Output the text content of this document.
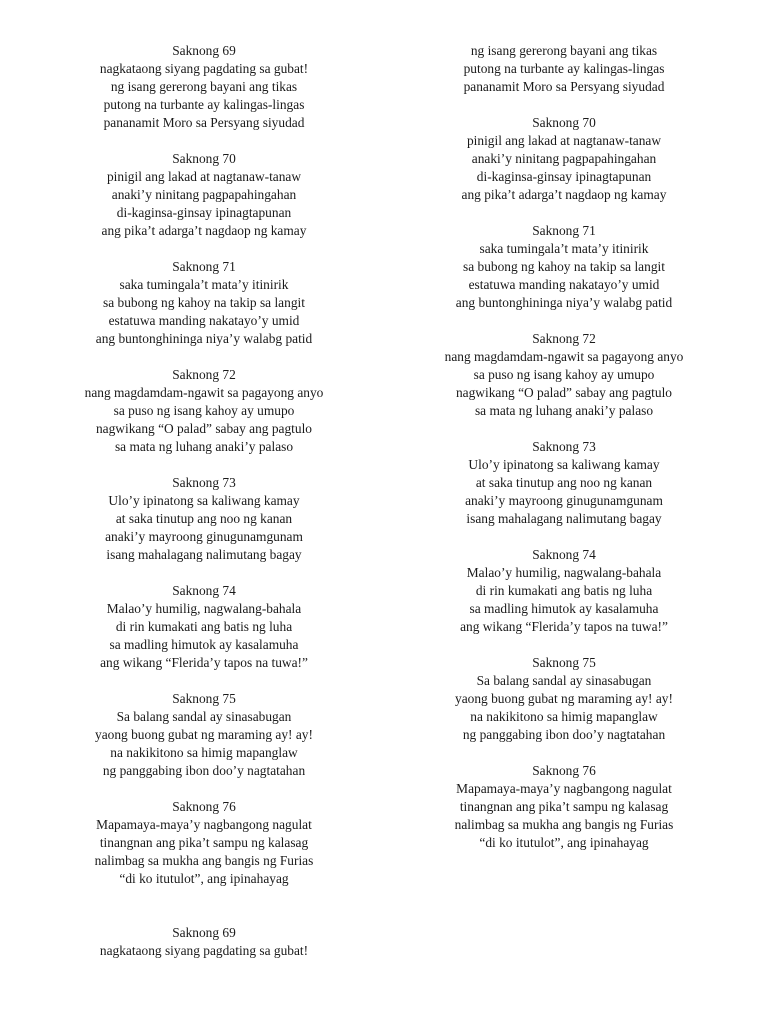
Saknong 69
nagkataong siyang pagdating sa gubat!
ng isang gererong bayani ang tikas
putong na turbante ay kalingas-lingas
pananamit Moro sa Persyang siyudad
Saknong 70
pinigil ang lakad at nagtanaw-tanaw
anaki’y ninitang pagpapahingahan
di-kaginsa-ginsay ipinagtapunan
ang pika’t adarga’t nagdaop ng kamay
Saknong 71
saka tumingala’t mata’y itinirik
sa bubong ng kahoy na takip sa langit
estatuwa manding nakatayo’y umid
ang buntonghininga niya’y walabg patid
Saknong 72
nang magdamdam-ngawit sa pagayong anyo
sa puso ng isang kahoy ay umupo
nagwikang “O palad” sabay ang pagtulo
sa mata ng luhang anaki’y palaso
Saknong 73
Ulo’y ipinatong sa kaliwang kamay
at saka tinutup ang noo ng kanan
anaki’y mayroong ginugunamgunam
isang mahalagang nalimutang bagay
Saknong 74
Malao’y humilig, nagwalang-bahala
di rin kumakati ang batis ng luha
sa madling himutok ay kasalamuha
ang wikang “Flerida’y tapos na tuwa!”
Saknong 75
Sa balang sandal ay sinasabugan
yaong buong gubat ng maraming ay! ay!
na nakikitono sa himig mapanglaw
ng panggabing ibon doo’y nagtatahan
Saknong 76
Mapamaya-maya’y nagbangong nagulat
tinangnan ang pika’t sampu ng kalasag
nalimbag sa mukha ang bangis ng Furias
“di ko itutulot”, ang ipinahayag
Saknong 69
nagkataong siyang pagdating sa gubat!
ng isang gererong bayani ang tikas
putong na turbante ay kalingas-lingas
pananamit Moro sa Persyang siyudad
Saknong 70
pinigil ang lakad at nagtanaw-tanaw
anaki’y ninitang pagpapahingahan
di-kaginsa-ginsay ipinagtapunan
ang pika’t adarga’t nagdaop ng kamay
Saknong 71
saka tumingala’t mata’y itinirik
sa bubong ng kahoy na takip sa langit
estatuwa manding nakatayo’y umid
ang buntonghininga niya’y walabg patid
Saknong 72
nang magdamdam-ngawit sa pagayong anyo
sa puso ng isang kahoy ay umupo
nagwikang “O palad” sabay ang pagtulo
sa mata ng luhang anaki’y palaso
Saknong 73
Ulo’y ipinatong sa kaliwang kamay
at saka tinutup ang noo ng kanan
anaki’y mayroong ginugunamgunam
isang mahalagang nalimutang bagay
Saknong 74
Malao’y humilig, nagwalang-bahala
di rin kumakati ang batis ng luha
sa madling himutok ay kasalamuha
ang wikang “Flerida’y tapos na tuwa!”
Saknong 75
Sa balang sandal ay sinasabugan
yaong buong gubat ng maraming ay! ay!
na nakikitono sa himig mapanglaw
ng panggabing ibon doo’y nagtatahan
Saknong 76
Mapamaya-maya’y nagbangong nagulat
tinangnan ang pika’t sampu ng kalasag
nalimbag sa mukha ang bangis ng Furias
“di ko itutulot”, ang ipinahayag
